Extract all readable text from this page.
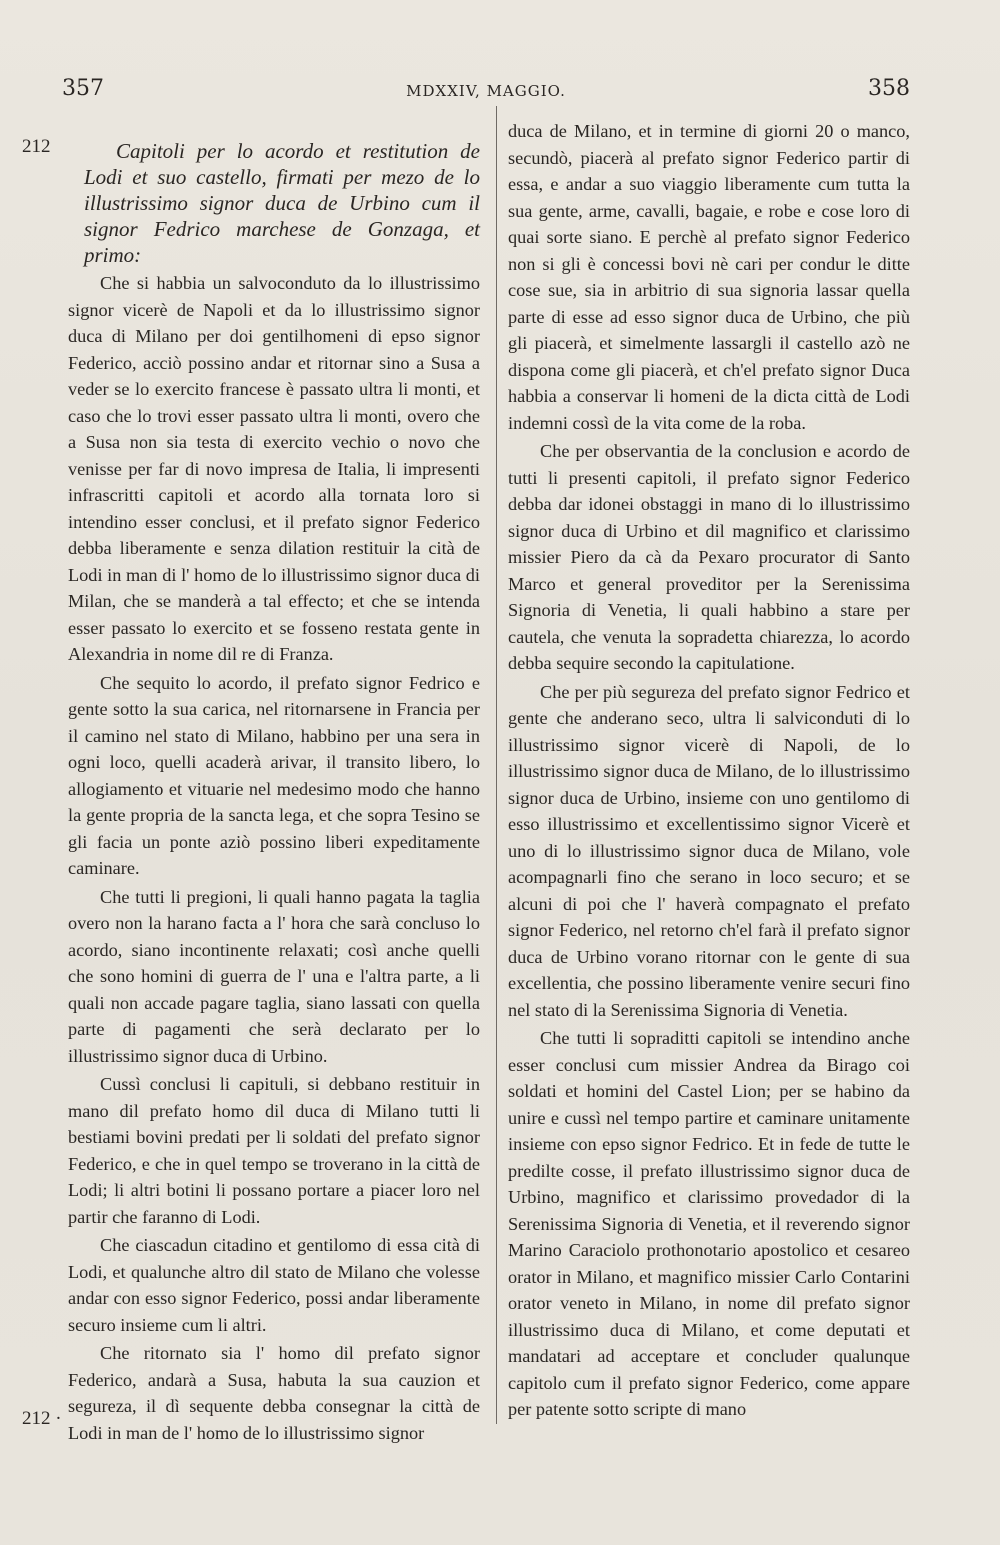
357	MDXXIV, MAGGIO.	358
212
212 ·

Capitoli per lo acordo et restitution de Lodi et suo castello, firmati per mezo de lo illustrissimo signor duca de Urbino cum il signor Fedrico marchese de Gonzaga, et primo:

Che si habbia un salvoconduto da lo illustrissimo signor vicerè de Napoli et da lo illustrissimo signor duca di Milano per doi gentilhomeni di epso signor Federico, acciò possino andar et ritornar sino a Susa a veder se lo exercito francese è passato ultra li monti, et caso che lo trovi esser passato ultra li monti, overo che a Susa non sia testa di exercito vechio o novo che venisse per far di novo impresa de Italia, li impresenti infrascritti capitoli et acordo alla tornata loro si intendino esser conclusi, et il prefato signor Federico debba liberamente e senza dilation restituir la cità de Lodi in man di l' homo de lo illustrissimo signor duca di Milan, che se manderà a tal effecto; et che se intenda esser passato lo exercito et se fosseno restata gente in Alexandria in nome dil re di Franza.

Che sequito lo acordo, il prefato signor Fedrico e gente sotto la sua carica, nel ritornarsene in Francia per il camino nel stato di Milano, habbino per una sera in ogni loco, quelli acaderà arivar, il transito libero, lo allogiamento et vituarie nel medesimo modo che hanno la gente propria de la sancta lega, et che sopra Tesino se gli facia un ponte aziò possino liberi expeditamente caminare.

Che tutti li pregioni, li quali hanno pagata la taglia overo non la harano facta a l' hora che sarà concluso lo acordo, siano incontinente relaxati; così anche quelli che sono homini di guerra de l' una e l'altra parte, a li quali non accade pagare taglia, siano lassati con quella parte di pagamenti che serà declarato per lo illustrissimo signor duca di Urbino.

Cussì conclusi li capituli, si debbano restituir in mano dil prefato homo dil duca di Milano tutti li bestiami bovini predati per li soldati del prefato signor Federico, e che in quel tempo se troverano in la città de Lodi; li altri botini li possano portare a piacer loro nel partir che faranno di Lodi.

Che ciascadun citadino et gentilomo di essa cità di Lodi, et qualunche altro dil stato de Milano che volesse andar con esso signor Federico, possi andar liberamente securo insieme cum li altri.

Che ritornato sia l' homo dil prefato signor Federico, andarà a Susa, habuta la sua cauzion et segureza, il dì sequente debba consegnar la città de Lodi in man de l' homo de lo illustrissimo signor

duca de Milano, et in termine di giorni 20 o manco, secundò, piacerà al prefato signor Federico partir di essa, e andar a suo viaggio liberamente cum tutta la sua gente, arme, cavalli, bagaie, e robe e cose loro di quai sorte siano. E perchè al prefato signor Federico non si gli è concessi bovi nè cari per condur le ditte cose sue, sia in arbitrio di sua signoria lassar quella parte di esse ad esso signor duca de Urbino, che più gli piacerà, et simelmente lassargli il castello azò ne dispona come gli piacerà, et ch'el prefato signor Duca habbia a conservar li homeni de la dicta città de Lodi indemni cossì de la vita come de la roba.

Che per observantia de la conclusion e acordo de tutti li presenti capitoli, il prefato signor Federico debba dar idonei obstaggi in mano di lo illustrissimo signor duca di Urbino et dil magnifico et clarissimo missier Piero da cà da Pexaro procurator di Santo Marco et general proveditor per la Serenissima Signoria di Venetia, li quali habbino a stare per cautela, che venuta la sopradetta chiarezza, lo acordo debba sequire secondo la capitulatione.

Che per più segureza del prefato signor Fedrico et gente che anderano seco, ultra li salviconduti di lo illustrissimo signor vicerè di Napoli, de lo illustrissimo signor duca de Milano, de lo illustrissimo signor duca de Urbino, insieme con uno gentilomo di esso illustrissimo et excellentissimo signor Vicerè et uno di lo illustrissimo signor duca de Milano, vole acompagnarli fino che serano in loco securo; et se alcuni di poi che l' haverà compagnato el prefato signor Federico, nel retorno ch'el farà il prefato signor duca de Urbino vorano ritornar con le gente di sua excellentia, che possino liberamente venire securi fino nel stato di la Serenissima Signoria di Venetia.

Che tutti li sopraditti capitoli se intendino anche esser conclusi cum missier Andrea da Birago coi soldati et homini del Castel Lion; per se habino da unire e cussì nel tempo partire et caminare unitamente insieme con epso signor Fedrico. Et in fede de tutte le predilte cosse, il prefato illustrissimo signor duca de Urbino, magnifico et clarissimo provedador di la Serenissima Signoria di Venetia, et il reverendo signor Marino Caraciolo prothonotario apostolico et cesareo orator in Milano, et magnifico missier Carlo Contarini orator veneto in Milano, in nome dil prefato signor illustrissimo duca di Milano, et come deputati et mandatari ad acceptare et concluder qualunque capitolo cum il prefato signor Federico, come appare per patente sotto scripte di mano
